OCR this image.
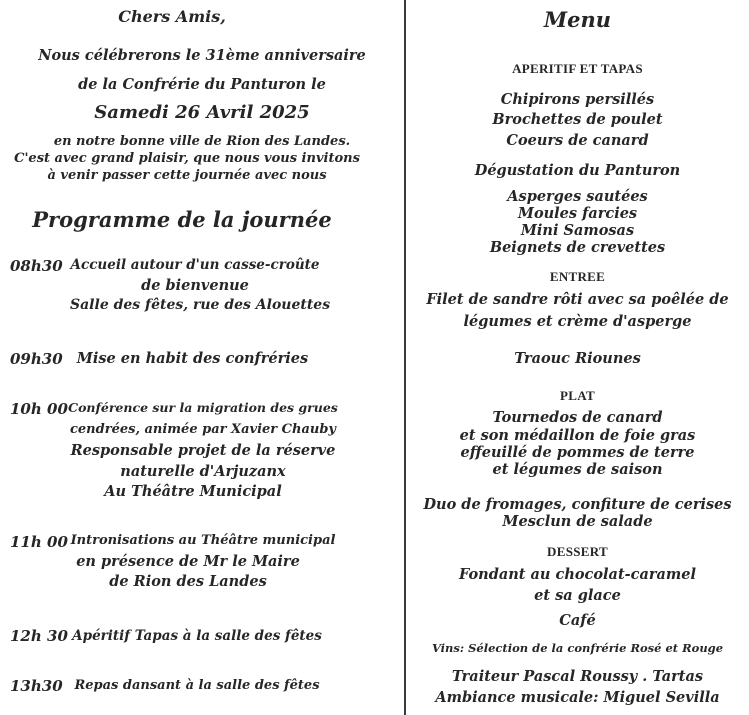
Chers Amis,
Nous célébrerons le 31ème anniversaire
de la Confrérie du Panturon le
Samedi 26 Avril 2025
en notre bonne ville de Rion des Landes.
C'est avec grand plaisir, que nous vous invitons
à venir passer cette journée avec nous
Programme de la journée
08h30 Accueil autour d'un casse-croûte
de bienvenue
Salle des fêtes, rue des Alouettes
09h30 Mise en habit des confréries
10h 00 Conférence sur la migration des grues
cendrées, animée par Xavier Chauby
Responsable projet de la réserve
naturelle d'Arjuzanx
Au Théâtre Municipal
11h 00 Intronisations au Théâtre municipal
en présence de Mr le Maire
de Rion des Landes
12h 30 Apéritif Tapas à la salle des fêtes
13h30 Repas dansant à la salle des fêtes
Menu
APERITIF ET TAPAS
Chipirons persillés
Brochettes de poulet
Coeurs de canard
Dégustation du Panturon
Asperges sautées
Moules farcies
Mini Samosas
Beignets de crevettes
ENTREE
Filet de sandre rôti avec sa poêlée de
légumes et crème d'asperge
Traouc Riounes
PLAT
Tournedos de canard
et son médaillon de foie gras
effeuillé de pommes de terre
et légumes de saison
Duo de fromages, confiture de cerises
Mesclun de salade
DESSERT
Fondant au chocolat-caramel
et sa glace
Café
Vins: Sélection de la confrérie Rosé et Rouge
Traiteur Pascal Roussy . Tartas
Ambiance musicale: Miguel Sevilla
